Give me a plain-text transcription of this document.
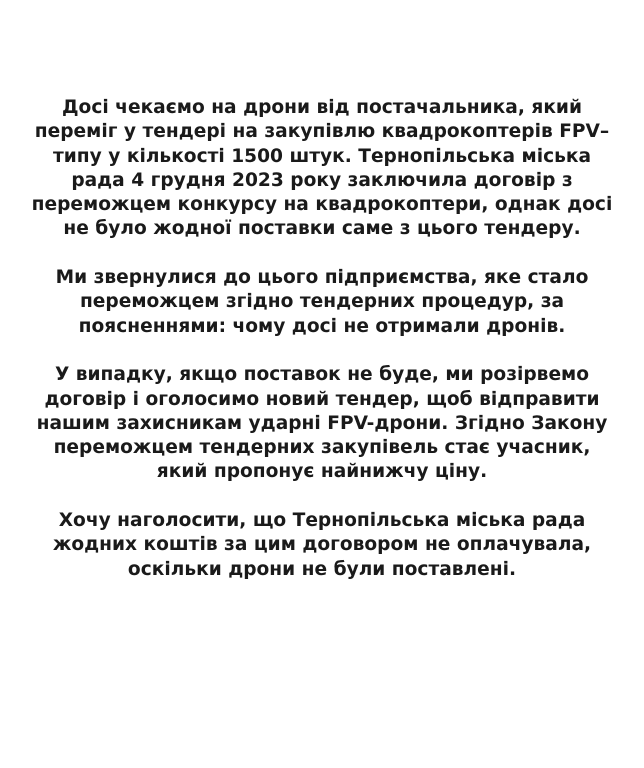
Досі чекаємо на дрони від постачальника, який
переміг у тендері на закупівлю квадрокоптерів FPV–
типу у кількості 1500 штук. Тернопільська міська
рада 4 грудня 2023 року заключила договір з
переможцем конкурсу на квадрокоптери, однак досі
не було жодної поставки саме з цього тендеру.

Ми звернулися до цього підприємства, яке стало
переможцем згідно тендерних процедур, за
поясненнями: чому досі не отримали дронів.

У випадку, якщо поставок не буде, ми розірвемо
договір і оголосимо новий тендер, щоб відправити
нашим захисникам ударні FPV-дрони. Згідно Закону
переможцем тендерних закупівель стає учасник,
який пропонує найнижчу ціну.

Хочу наголосити, що Тернопільська міська рада
жодних коштів за цим договором не оплачувала,
оскільки дрони не були поставлені.
